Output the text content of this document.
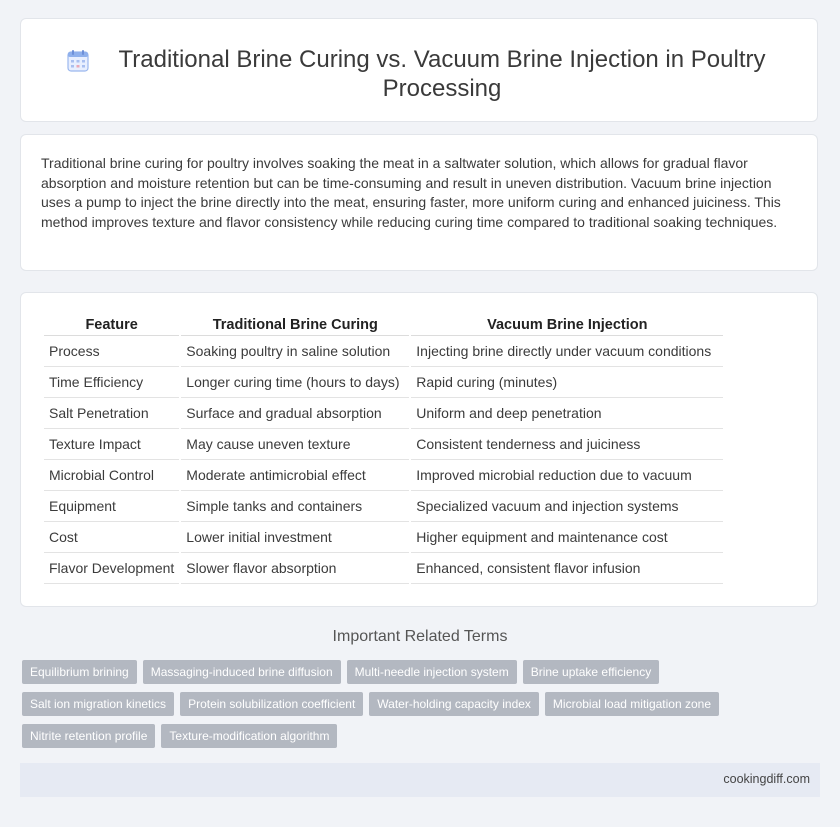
Traditional Brine Curing vs. Vacuum Brine Injection in Poultry Processing

Traditional brine curing for poultry involves soaking the meat in a saltwater solution, which allows for gradual flavor absorption and moisture retention but can be time-consuming and result in uneven distribution. Vacuum brine injection uses a pump to inject the brine directly into the meat, ensuring faster, more uniform curing and enhanced juiciness. This method improves texture and flavor consistency while reducing curing time compared to traditional soaking techniques.

Feature	Traditional Brine Curing	Vacuum Brine Injection
Process	Soaking poultry in saline solution	Injecting brine directly under vacuum conditions
Time Efficiency	Longer curing time (hours to days)	Rapid curing (minutes)
Salt Penetration	Surface and gradual absorption	Uniform and deep penetration
Texture Impact	May cause uneven texture	Consistent tenderness and juiciness
Microbial Control	Moderate antimicrobial effect	Improved microbial reduction due to vacuum
Equipment	Simple tanks and containers	Specialized vacuum and injection systems
Cost	Lower initial investment	Higher equipment and maintenance cost
Flavor Development	Slower flavor absorption	Enhanced, consistent flavor infusion
Important Related Terms
Equilibrium brining	Massaging-induced brine diffusion	Multi-needle injection system	Brine uptake efficiency
Salt ion migration kinetics	Protein solubilization coefficient	Water-holding capacity index	Microbial load mitigation zone
Nitrite retention profile	Texture-modification algorithm
cookingdiff.com
